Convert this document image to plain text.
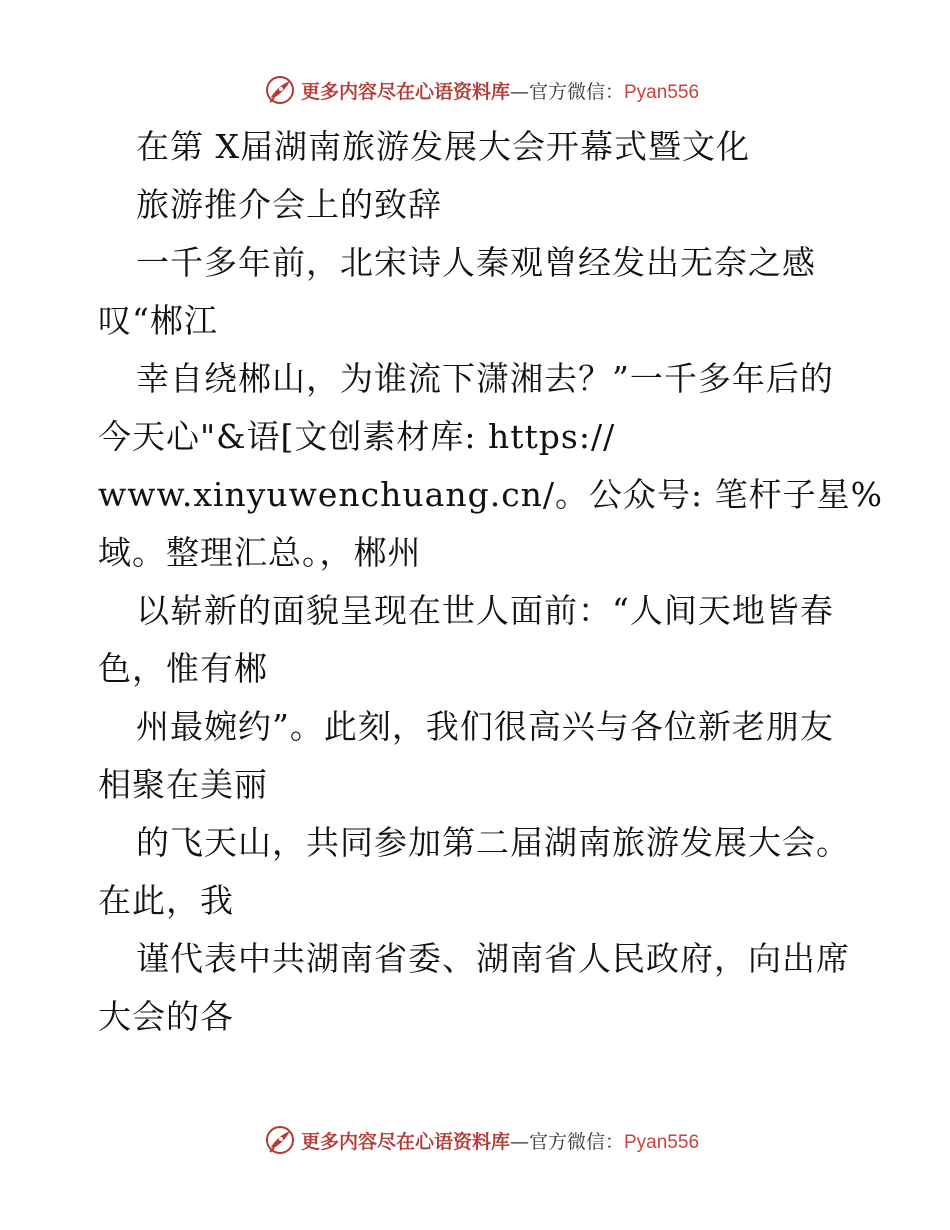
更多内容尽在心语资料库—官方微信：Pyan556
在第 X届湖南旅游发展大会开幕式暨文化
旅游推介会上的致辞
一千多年前，北宋诗人秦观曾经发出无奈之感
叹“郴江
幸自绕郴山，为谁流下潇湘去？”一千多年后的
今天心"&语[文创素材库: https://
www.xinyuwenchuang.cn/。公众号: 笔杆子星%
域。整理汇总。，郴州
以崭新的面貌呈现在世人面前：“人间天地皆春
色，惟有郴
州最婉约”。此刻，我们很高兴与各位新老朋友
相聚在美丽
的飞天山，共同参加第二届湖南旅游发展大会。
在此，我
谨代表中共湖南省委、湖南省人民政府，向出席
大会的各
更多内容尽在心语资料库—官方微信：Pyan556
